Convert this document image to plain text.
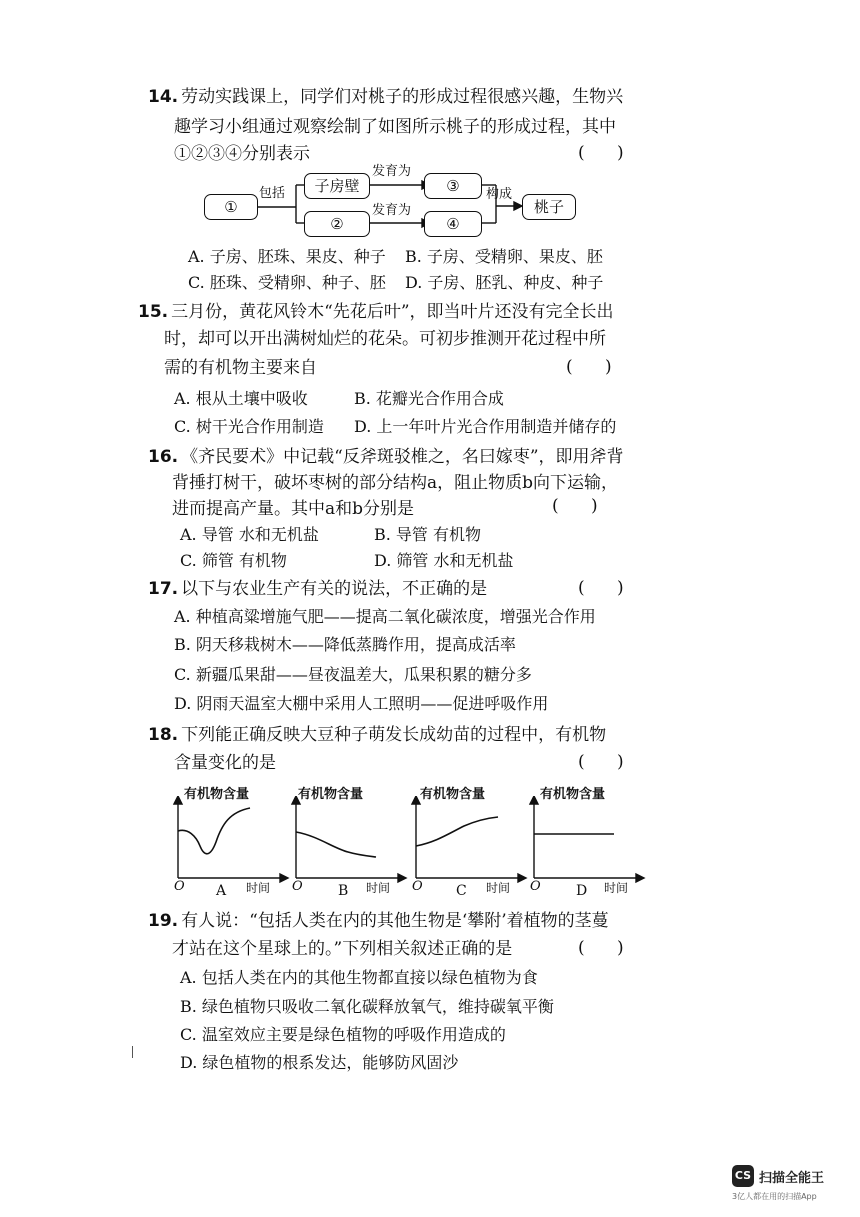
14. 劳动实践课上，同学们对桃子的形成过程很感兴趣，生物兴
趣学习小组通过观察绘制了如图所示桃子的形成过程，其中
①②③④分别表示	(      )
①
子房壁
②
③
④
桃子
包括
发育为
发育为
构成
A. 子房、胚珠、果皮、种子 B. 子房、受精卵、果皮、胚
C. 胚珠、受精卵、种子、胚 D. 子房、胚乳、种皮、种子
15. 三月份，黄花风铃木“先花后叶”，即当叶片还没有完全长出
时，却可以开出满树灿烂的花朵。可初步推测开花过程中所
需的有机物主要来自	(      )
A. 根从土壤中吸收	B. 花瓣光合作用合成
C. 树干光合作用制造 D. 上一年叶片光合作用制造并储存的
16. 《齐民要术》中记载“反斧斑驳椎之，名曰嫁枣”，即用斧背
背捶打树干，破坏枣树的部分结构a，阻止物质b向下运输，
进而提高产量。其中a和b分别是	(      )
A. 导管 水和无机盐	B. 导管 有机物
C. 筛管 有机物	D. 筛管 水和无机盐
17. 以下与农业生产有关的说法，不正确的是	(      )
A. 种植高粱增施气肥——提高二氧化碳浓度，增强光合作用
B. 阴天移栽树木——降低蒸腾作用，提高成活率
C. 新疆瓜果甜——昼夜温差大，瓜果积累的糖分多
D. 阴雨天温室大棚中采用人工照明——促进呼吸作用
18. 下列能正确反映大豆种子萌发长成幼苗的过程中，有机物
含量变化的是	(      )
有机物含量
O A 时间
有机物含量
O	B 时间
有机物含量
O C 时间
有机物含量
O	D 时间
19. 有人说：“包括人类在内的其他生物是‘攀附’着植物的茎蔓
才站在这个星球上的。”下列相关叙述正确的是	(      )
A. 包括人类在内的其他生物都直接以绿色植物为食
B. 绿色植物只吸收二氧化碳释放氧气，维持碳氧平衡
C. 温室效应主要是绿色植物的呼吸作用造成的
D. 绿色植物的根系发达，能够防风固沙
CS 扫描全能王
3亿人都在用的扫描App
